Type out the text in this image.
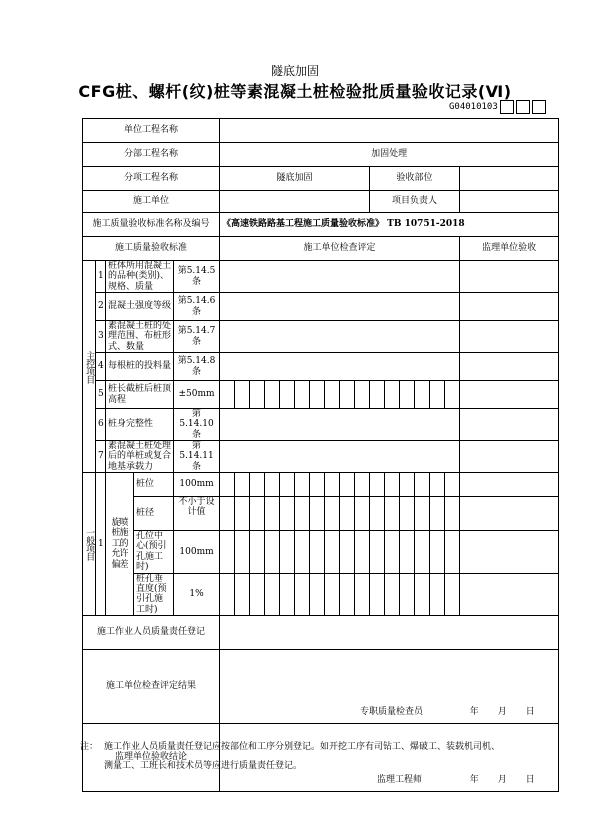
隧底加固
CFG桩、螺杆(纹)桩等素混凝土桩检验批质量验收记录(Ⅵ)
G04010103
单位工程名称																					
分部工程名称					加固处理																
分项工程名称					隧底加固										验收部位						
施工单位															项目负责人						
施工质量验收标准名称及编号					《高速铁路路基工程施工质量验收标准》 TB 10751-2018																
施工质量验收标准					施工单位检查评定																监理单位验收
主控项目	1	桩体所用混凝土的品种(类别)、规格、质量		第5.14.5条																	
	2	混凝土强度等级		第5.14.6条																	
	3	素混凝土桩的处理范围、布桩形式、数量		第5.14.7条																	
	4	每根桩的投料量		第5.14.8条																	
	5	桩长截桩后桩顶高程		±50mm																	
	6	桩身完整性		第5.14.10条																	
	7	素混凝土桩处理后的单桩或复合地基承载力		第5.14.11条																	
一般项目	1	旋喷桩施工的允许偏差	桩位	100mm																	
			桩径	不小于设计值																	
			孔位中心(预引孔施工时)	100mm																	
			桩孔垂直度(预引孔施工时)	1%																	
施工作业人员质量责任登记																					
施工单位检查评定结果					专职质量检查员 年 月 日																

监理单位验收结论					监理工程师 年 月 日																
注： 施工作业人员质量责任登记应按部位和工序分别登记。如开挖工序有司钻工、爆破工、装载机司机、
测量工、工班长和技术员等应进行质量责任登记。
